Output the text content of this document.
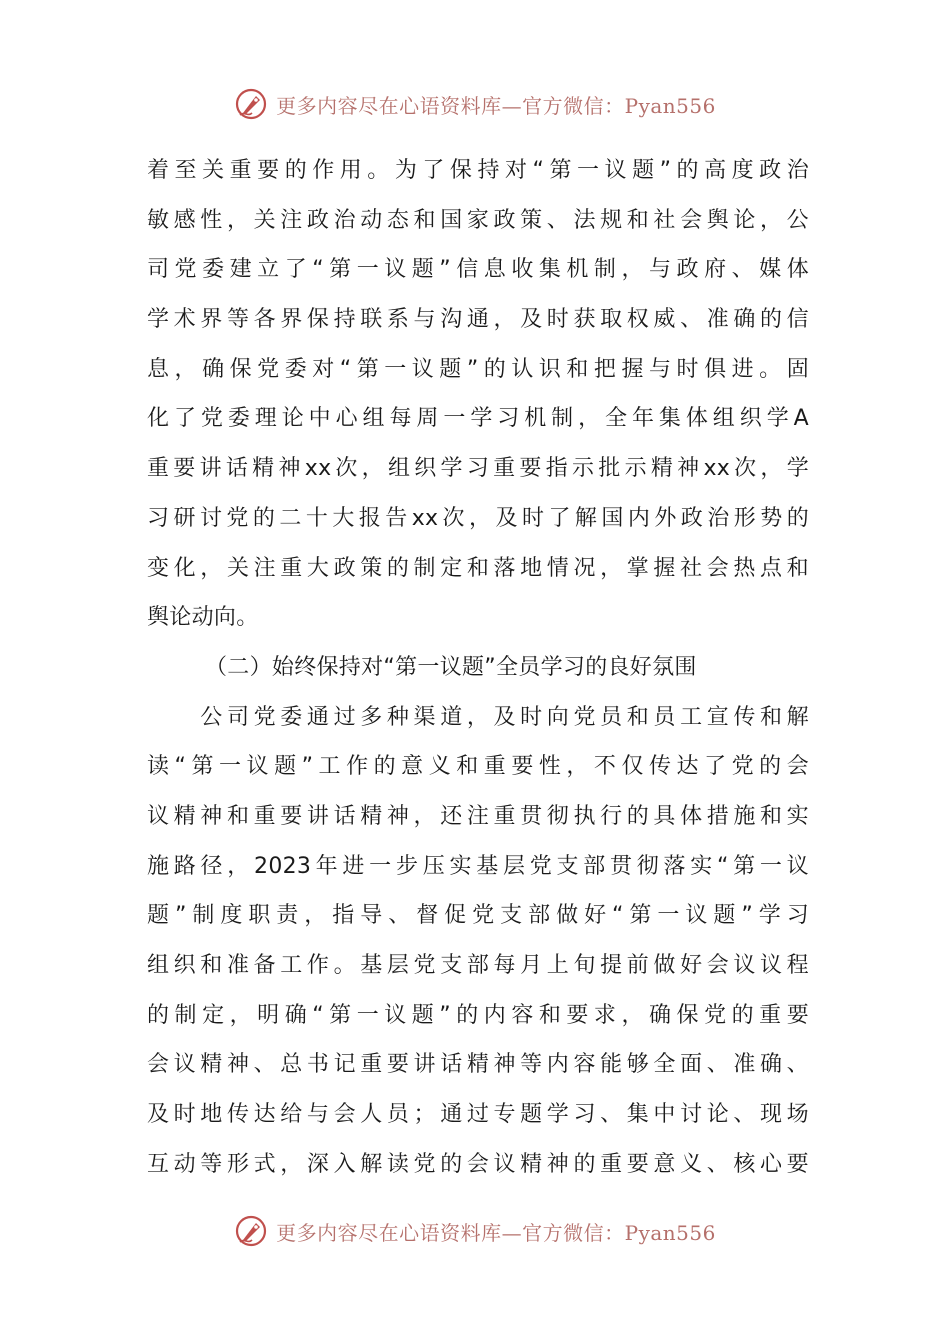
更多内容尽在心语资料库—官方微信：Pyan556
着至关重要的作用。为了保持对“第一议题”的高度政治
敏感性，关注政治动态和国家政策、法规和社会舆论，公
司党委建立了“第一议题”信息收集机制，与政府、媒体
学术界等各界保持联系与沟通，及时获取权威、准确的信
息，确保党委对“第一议题”的认识和把握与时俱进。固
化了党委理论中心组每周一学习机制，全年集体组织学A
重要讲话精神xx次，组织学习重要指示批示精神xx次，学
习研讨党的二十大报告xx次，及时了解国内外政治形势的
变化，关注重大政策的制定和落地情况，掌握社会热点和
舆论动向。
（二）始终保持对“第一议题”全员学习的良好氛围
　　公司党委通过多种渠道，及时向党员和员工宣传和解
读“第一议题”工作的意义和重要性，不仅传达了党的会
议精神和重要讲话精神，还注重贯彻执行的具体措施和实
施路径，2023年进一步压实基层党支部贯彻落实“第一议
题”制度职责，指导、督促党支部做好“第一议题”学习
组织和准备工作。基层党支部每月上旬提前做好会议议程
的制定，明确“第一议题”的内容和要求，确保党的重要
会议精神、总书记重要讲话精神等内容能够全面、准确、
及时地传达给与会人员；通过专题学习、集中讨论、现场
互动等形式，深入解读党的会议精神的重要意义、核心要
更多内容尽在心语资料库—官方微信：Pyan556
